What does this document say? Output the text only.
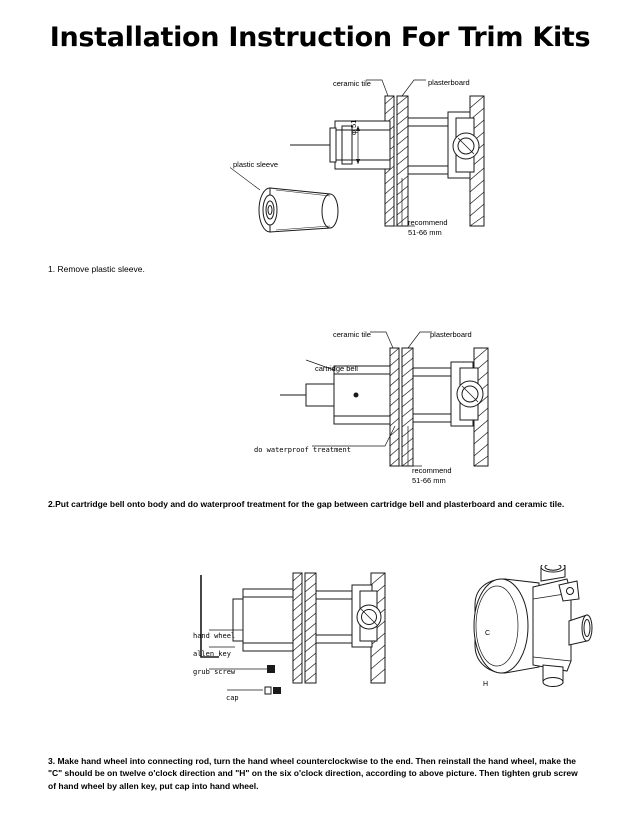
Installation Instruction For Trim Kits
ceramic tile	plasterboard
plastic sleeve
φ 51
recommend
51-66 mm
1. Remove plastic sleeve.
ceramic tile	plasterboard
cartridge bell
do waterproof treatment
recommend
51-66 mm
2.Put cartridge bell onto body and do waterproof treatment for the gap between cartridge bell and plasterboard and ceramic tile.
hand wheel
allen key
grub screw
cap
C
H
3. Make hand wheel into connecting rod, turn the hand wheel counterclockwise to the end. Then reinstall the hand wheel, make the "C" should be on twelve o'clock direction and "H" on the six o'clock direction, according to above picture. Then tighten grub screw of hand wheel by allen key, put cap into hand wheel.
